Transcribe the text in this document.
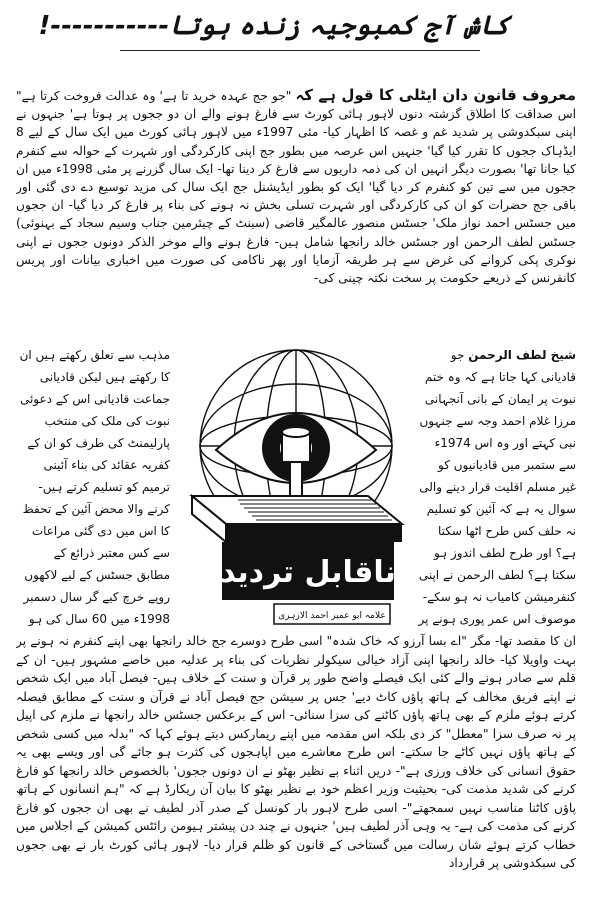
کاش آج کمبوجیہ زندہ ہوتا-----------!
معروف قانون دان ایٹلی کا قول ہے کہ "جو جج عہدہ خرید تا ہے' وہ عدالت فروخت کرتا ہے" اس صداقت کا اطلاق گزشتہ دنوں لاہور ہائی کورٹ سے فارغ ہونے والے ان دو ججوں پر ہوتا ہے' جنہوں نے اپنی سبکدوشی پر شدید غم و غصہ کا اظہار کیا- مئی 1997ء میں لاہور ہائی کورٹ میں ایک سال کے لیے 8 ایڈہاک ججوں کا تقرر کیا گیا' جنہیں اس عرصہ میں بطور جج اپنی کارکردگی اور شہرت کے حوالہ سے کنفرم کیا جانا تھا' بصورت دیگر انہیں ان کی ذمہ داریوں سے فارغ کر دینا تھا- ایک سال گزرنے پر مئی 1998ء میں ان ججوں میں سے تین کو کنفرم کر دیا گیا' ایک کو بطور ایڈیشنل جج ایک سال کی مزید توسیع دے دی گئی اور باقی جج حضرات کو ان کی کارکردگی اور شہرت تسلی بخش نہ ہونے کی بناء پر فارغ کر دیا گیا- ان ججوں میں جسٹس احمد نواز ملک' جسٹس منصور عالمگیر قاضی (سینٹ کے چیئرمین جناب وسیم سجاد کے بہنوئی) جسٹس لطف الرحمن اور جسٹس خالد رانجھا شامل ہیں- فارغ ہونے والے موخر الذکر دونوں ججوں نے اپنی نوکری پکی کروانے کی غرض سے ہر طریقہ آزمایا اور پھر ناکامی کی صورت میں اخباری بیانات اور پریس کانفرنس کے ذریعے حکومت پر سخت نکتہ چینی کی-
شیخ لطف الرحمن جو قادیانی کہا جاتا ہے کہ وہ ختم نبوت پر ایمان کے بانی آنجہانی مرزا غلام احمد وجہ سے جنہوں نبی کہتے اور وہ اس 1974ء سے ستمبر میں قادیانیوں کو غیر مسلم اقلیت قرار دینے والی سوال یہ ہے کہ آئین کو تسلیم نہ حلف کس طرح اٹھا سکتا ہے؟ اور طرح لطف اندوز ہو سکتا ہے؟ لطف الرحمن نے اپنی کنفرمیشن کامیاب نہ ہو سکے- موصوف اس عمر پوری ہونے پر
مذہب سے تعلق رکھتے ہیں ان کا رکھتے ہیں لیکن قادیانی جماعت قادیانی اس کے دعوئی نبوت کی ملک کی منتخب پارلیمنٹ کی طرف کو ان کے کفریہ عقائد کی بناء آئینی ترمیم کو تسلیم کرتے ہیں- کرنے والا محض آئین کے تحفظ کا اس میں دی گئی مراعات سے کس معتبر ذرائع کے مطابق جسٹس کے لیے لاکھوں روپے خرچ کیے گر سال دسمبر 1998ء میں 60 سال کی ہو
ناقابل تردید
علامہ ابو عمیر احمد الازہری
ان کا مقصد تھا- مگر "اے بسا آرزو کہ خاک شدہ" اسی طرح دوسرے جج خالد رانجھا بھی اپنے کنفرم نہ ہونے پر بہت واویلا کیا- خالد رانجھا اپنی آزاد خیالی سیکولر نظریات کی بناء پر عدلیہ میں خاصے مشہور ہیں- ان کے قلم سے صادر ہونے والے کئی ایک فیصلے واضح طور پر قرآن و سنت کے خلاف ہیں- فیصل آباد میں ایک شخص نے اپنے فریق مخالف کے ہاتھ پاؤں کاٹ دیے' جس پر سیشن جج فیصل آباد نے قرآن و سنت کے مطابق فیصلہ کرتے ہوئے ملزم کے بھی ہاتھ پاؤں کاٹنے کی سزا سنائی- اس کے برعکس جسٹس خالد رانجھا نے ملزم کی اپیل پر نہ صرف سزا "معطل" کر دی بلکہ اس مقدمہ میں اپنے ریمارکس دیتے ہوئے کہا کہ "بدلہ میں کسی شخص کے ہاتھ پاؤں نہیں کاٹے جا سکتے- اس طرح معاشرے میں اپاہجوں کی کثرت ہو جائے گی اور ویسے بھی یہ حقوق انسانی کی خلاف ورزی ہے"- دریں اثناء بے نظیر بھٹو نے ان دونوں ججوں' بالخصوص خالد رانجھا کو فارغ کرنے کی شدید مذمت کی- بحیثیت وزیر اعظم خود بے نظیر بھٹو کا بیان آن ریکارڈ ہے کہ "ہم انسانوں کے ہاتھ پاؤں کاٹنا مناسب نہیں سمجھتے"- اسی طرح لاہور بار کونسل کے صدر آذر لطیف نے بھی ان ججوں کو فارغ کرنے کی مذمت کی ہے- یہ وہی آذر لطیف ہیں' جنہوں نے چند دن پیشتر ہیومن رائٹس کمیشن کے اجلاس میں خطاب کرتے ہوئے شان رسالت میں گستاخی کے قانون کو ظلم قرار دیا- لاہور ہائی کورٹ بار نے بھی ججوں کی سبکدوشی پر قرارداد
